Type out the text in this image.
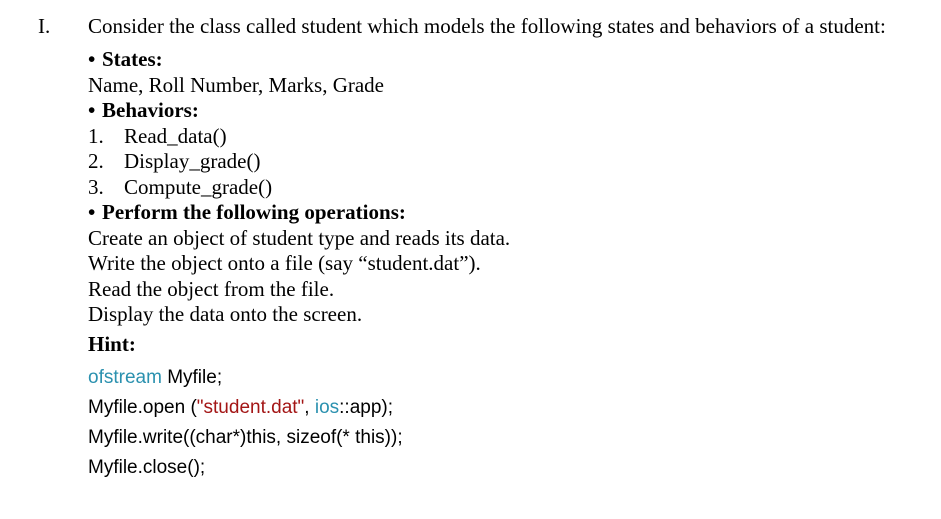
I. Consider the class called student which models the following states and behaviors of a student:
• States:
Name, Roll Number, Marks, Grade
• Behaviors:
1. Read_data()
2. Display_grade()
3. Compute_grade()
• Perform the following operations:
Create an object of student type and reads its data.
Write the object onto a file (say “student.dat”).
Read the object from the file.
Display the data onto the screen.
Hint:
ofstream Myfile;
Myfile.open ("student.dat", ios::app);
Myfile.write((char*)this, sizeof(* this));
Myfile.close();
